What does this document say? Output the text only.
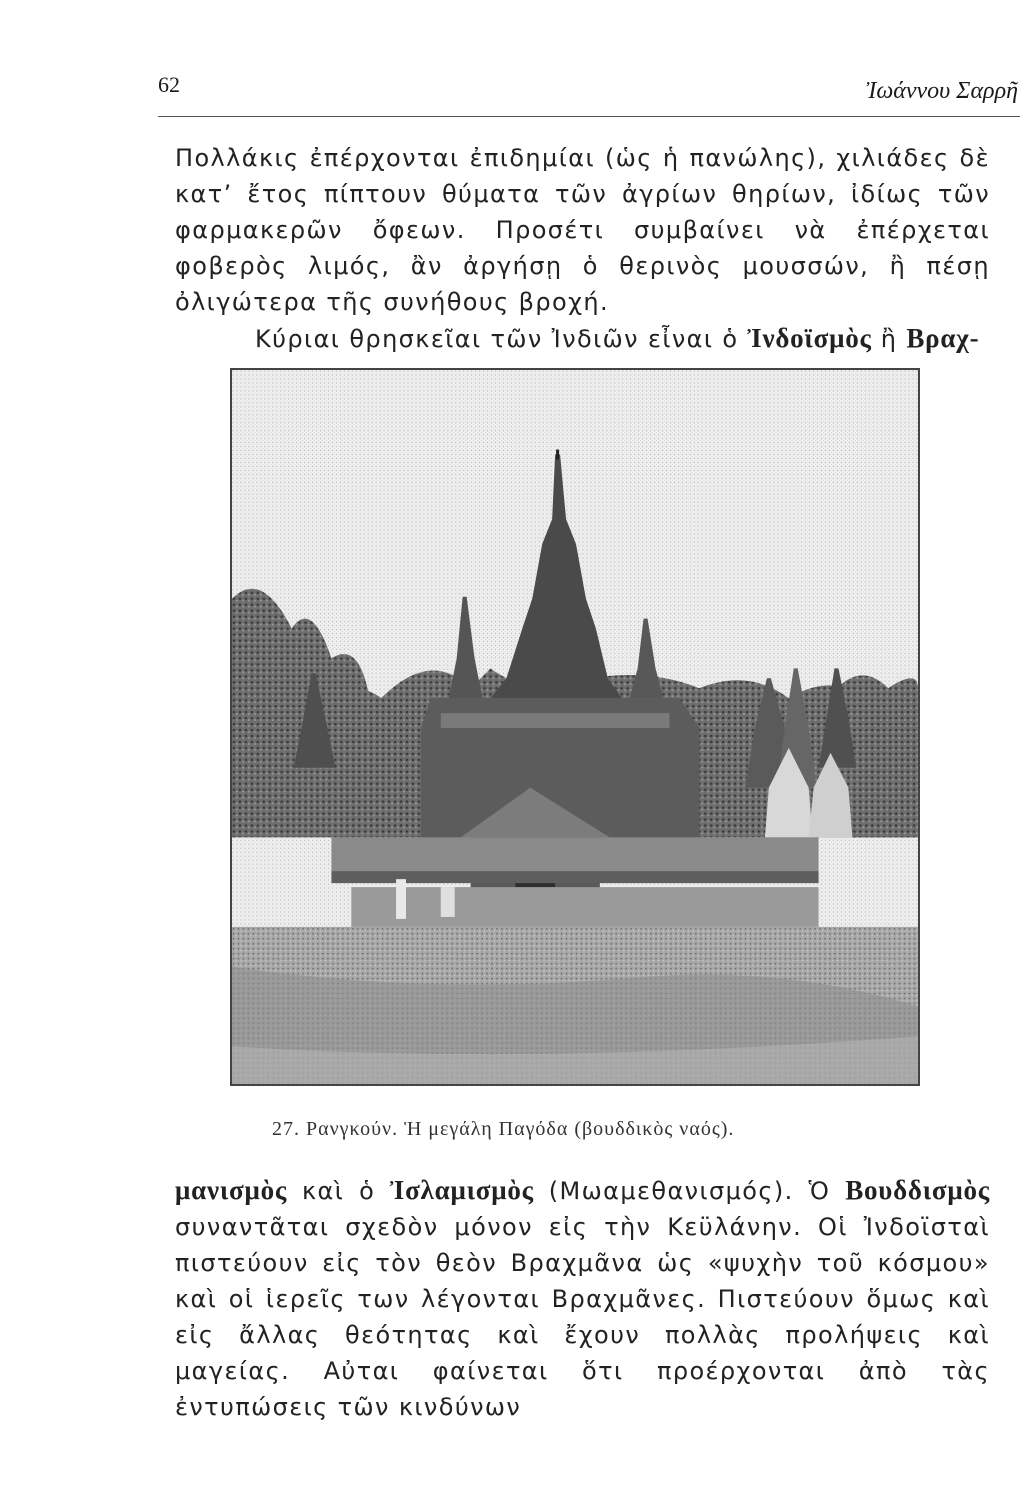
62	Ἰωάννου Σαρρῆ

Πολλάκις ἐπέρχονται ἐπιδημίαι (ὡς ἡ πανώλης), χιλιάδες δὲ κατ’ ἔτος πίπτουν θύματα τῶν ἀγρίων θηρίων, ἰδίως τῶν φαρμακερῶν ὄφεων. Προσέτι συμβαίνει νὰ ἐπέρχεται φοβερὸς λιμός, ἂν ἀργήσῃ ὁ θερινὸς μουσσών, ἢ πέσῃ ὀλιγώτερα τῆς συνήθους βροχή.

Κύριαι θρησκεῖαι τῶν Ἰνδιῶν εἶναι ὁ Ἰνδοϊσμὸς ἢ Βραχ-

27. Ρανγκούν. Ἡ μεγάλη Παγόδα (βουδδικὸς ναός).

μανισμὸς καὶ ὁ Ἰσλαμισμὸς (Μωαμεθανισμός). Ὁ Βουδδισμὸς συναντᾶται σχεδὸν μόνον εἰς τὴν Κεϋλάνην. Οἱ Ἰνδοϊσταὶ πιστεύουν εἰς τὸν θεὸν Βραχμᾶνα ὡς «ψυχὴν τοῦ κόσμου» καὶ οἱ ἱερεῖς των λέγονται Βραχμᾶνες. Πιστεύουν ὅμως καὶ εἰς ἄλλας θεότητας καὶ ἔχουν πολλὰς προλήψεις καὶ μαγείας. Αὐται φαίνεται ὅτι προέρχονται ἀπὸ τὰς ἐντυπώσεις τῶν κινδύνων
